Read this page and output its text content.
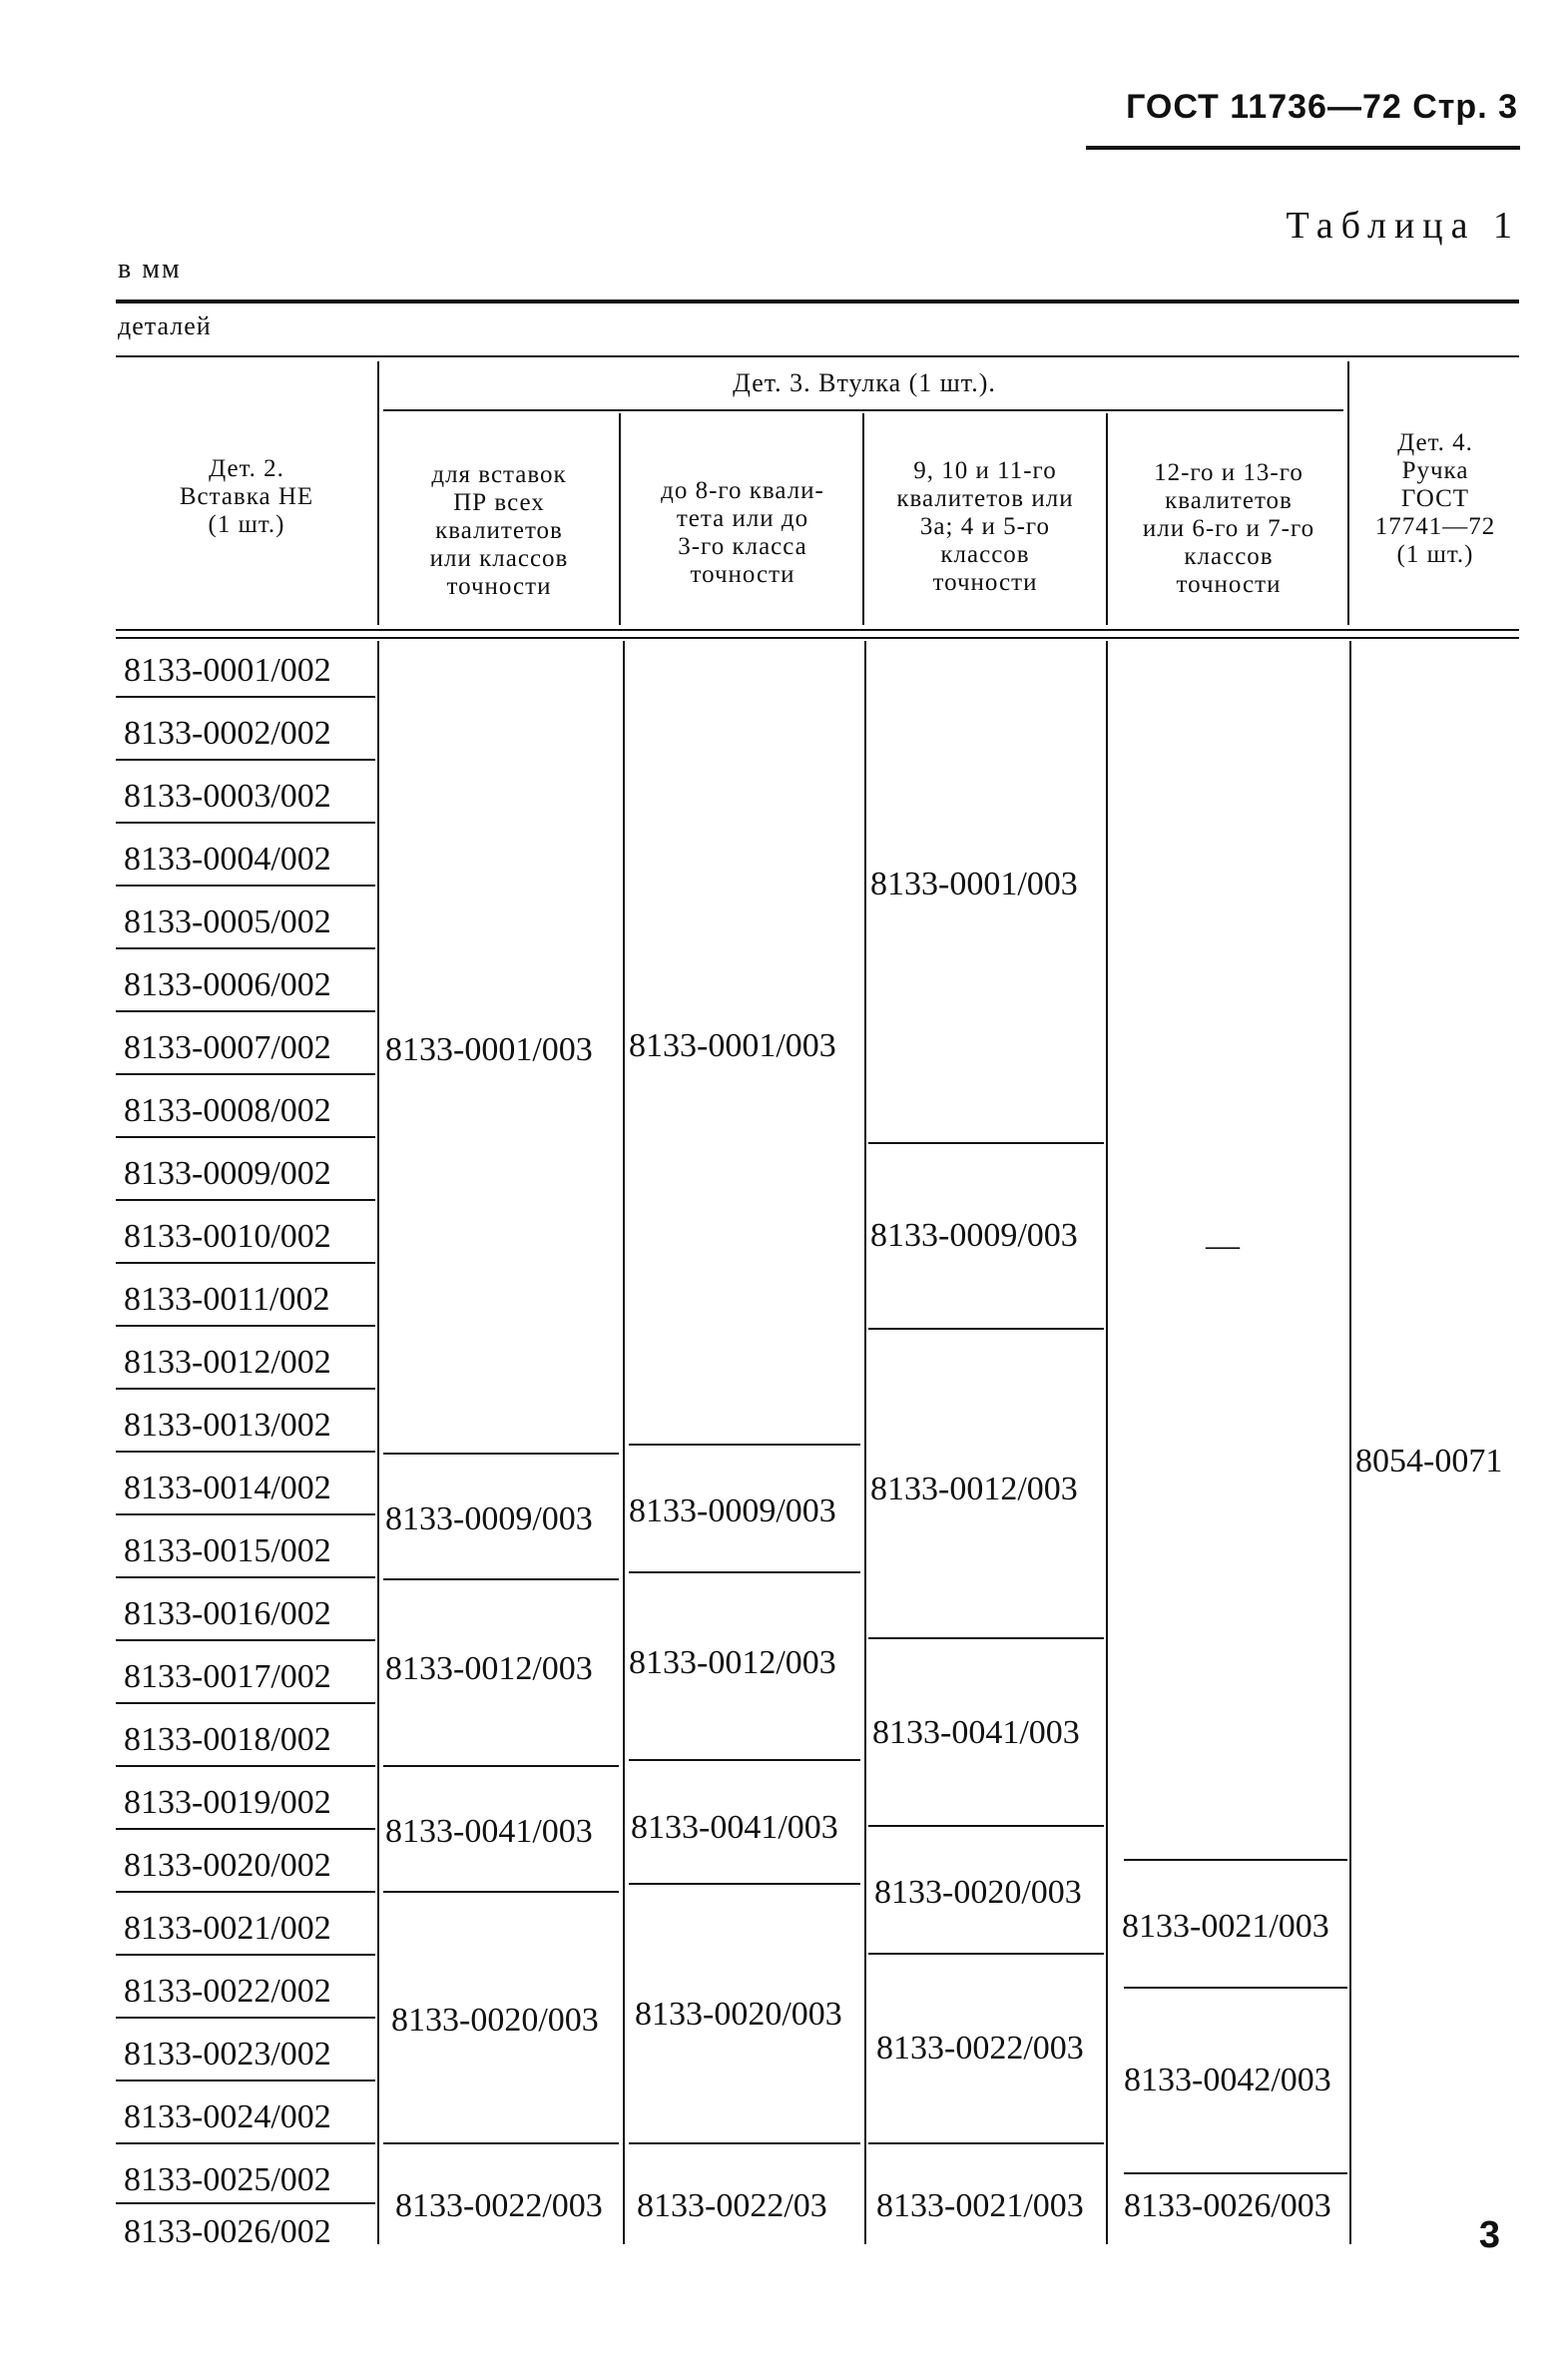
ГОСТ 11736—72 Стр. 3
Таблица 1
в мм
деталей
Дет. 2.
Вставка НЕ
(1 шт.)
Дет. 3. Втулка (1 шт.).
для вставок
ПР всех
квалитетов
или классов
точности
до 8-го квали-
тета или до
3-го класса
точности
9, 10 и 11-го
квалитетов или
3а; 4 и 5-го
классов
точности
12-го и 13-го
квалитетов
или 6-го и 7-го
классов
точности
Дет. 4.
Ручка
ГОСТ
17741—72
(1 шт.)
8133-0001/002
8133-0002/002
8133-0003/002
8133-0004/002
8133-0005/002
8133-0006/002
8133-0007/002
8133-0008/002
8133-0009/002
8133-0010/002
8133-0011/002
8133-0012/002
8133-0013/002
8133-0014/002
8133-0015/002
8133-0016/002
8133-0017/002
8133-0018/002
8133-0019/002
8133-0020/002
8133-0021/002
8133-0022/002
8133-0023/002
8133-0024/002
8133-0025/002
8133-0026/002
8133-0001/003
8133-0009/003
8133-0012/003
8133-0041/003
8133-0020/003
8133-0022/003
8133-0001/003
8133-0009/003
8133-0012/003
8133-0041/003
8133-0020/003
8133-0022/03
8133-0001/003
8133-0009/003
8133-0012/003
8133-0041/003
8133-0020/003
8133-0022/003
8133-0021/003
—
8133-0021/003
8133-0042/003
8133-0026/003
8054-0071
3
